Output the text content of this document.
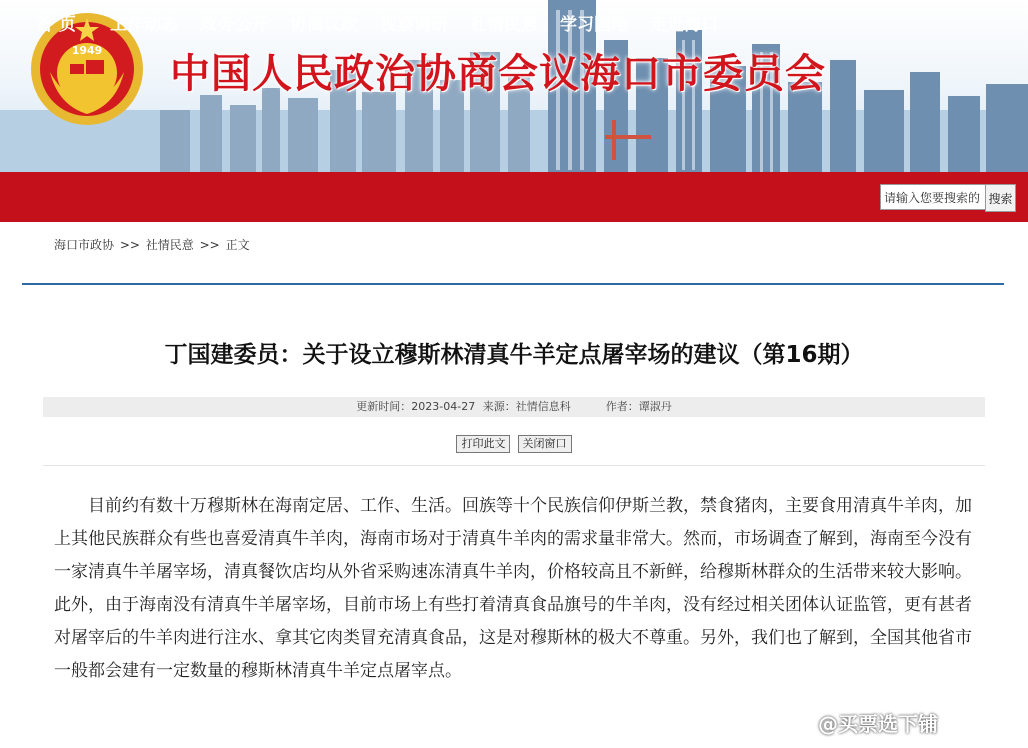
1949 中国人民政治协商会议海口市委员会
首 页 工作动态 政务公开 协商议政 视察调研 社情民意 学习园地 走近海口
请输入您要搜索的
搜索
海口市政协 >> 社情民意 >> 正文
丁国建委员：关于设立穆斯林清真牛羊定点屠宰场的建议（第16期）
更新时间：2023-04-27 来源：社情信息科	作者：谭淑丹
打印此文 关闭窗口

目前约有数十万穆斯林在海南定居、工作、生活。回族等十个民族信仰伊斯兰教，禁食猪肉，主要食用清真牛羊肉，加上其他民族群众有些也喜爱清真牛羊肉，海南市场对于清真牛羊肉的需求量非常大。然而，市场调查了解到，海南至今没有一家清真牛羊屠宰场，清真餐饮店均从外省采购速冻清真牛羊肉，价格较高且不新鲜，给穆斯林群众的生活带来较大影响。此外，由于海南没有清真牛羊屠宰场，目前市场上有些打着清真食品旗号的牛羊肉，没有经过相关团体认证监管，更有甚者对屠宰后的牛羊肉进行注水、拿其它肉类冒充清真食品，这是对穆斯林的极大不尊重。另外，我们也了解到，全国其他省市一般都会建有一定数量的穆斯林清真牛羊定点屠宰点。

@买票选下铺
